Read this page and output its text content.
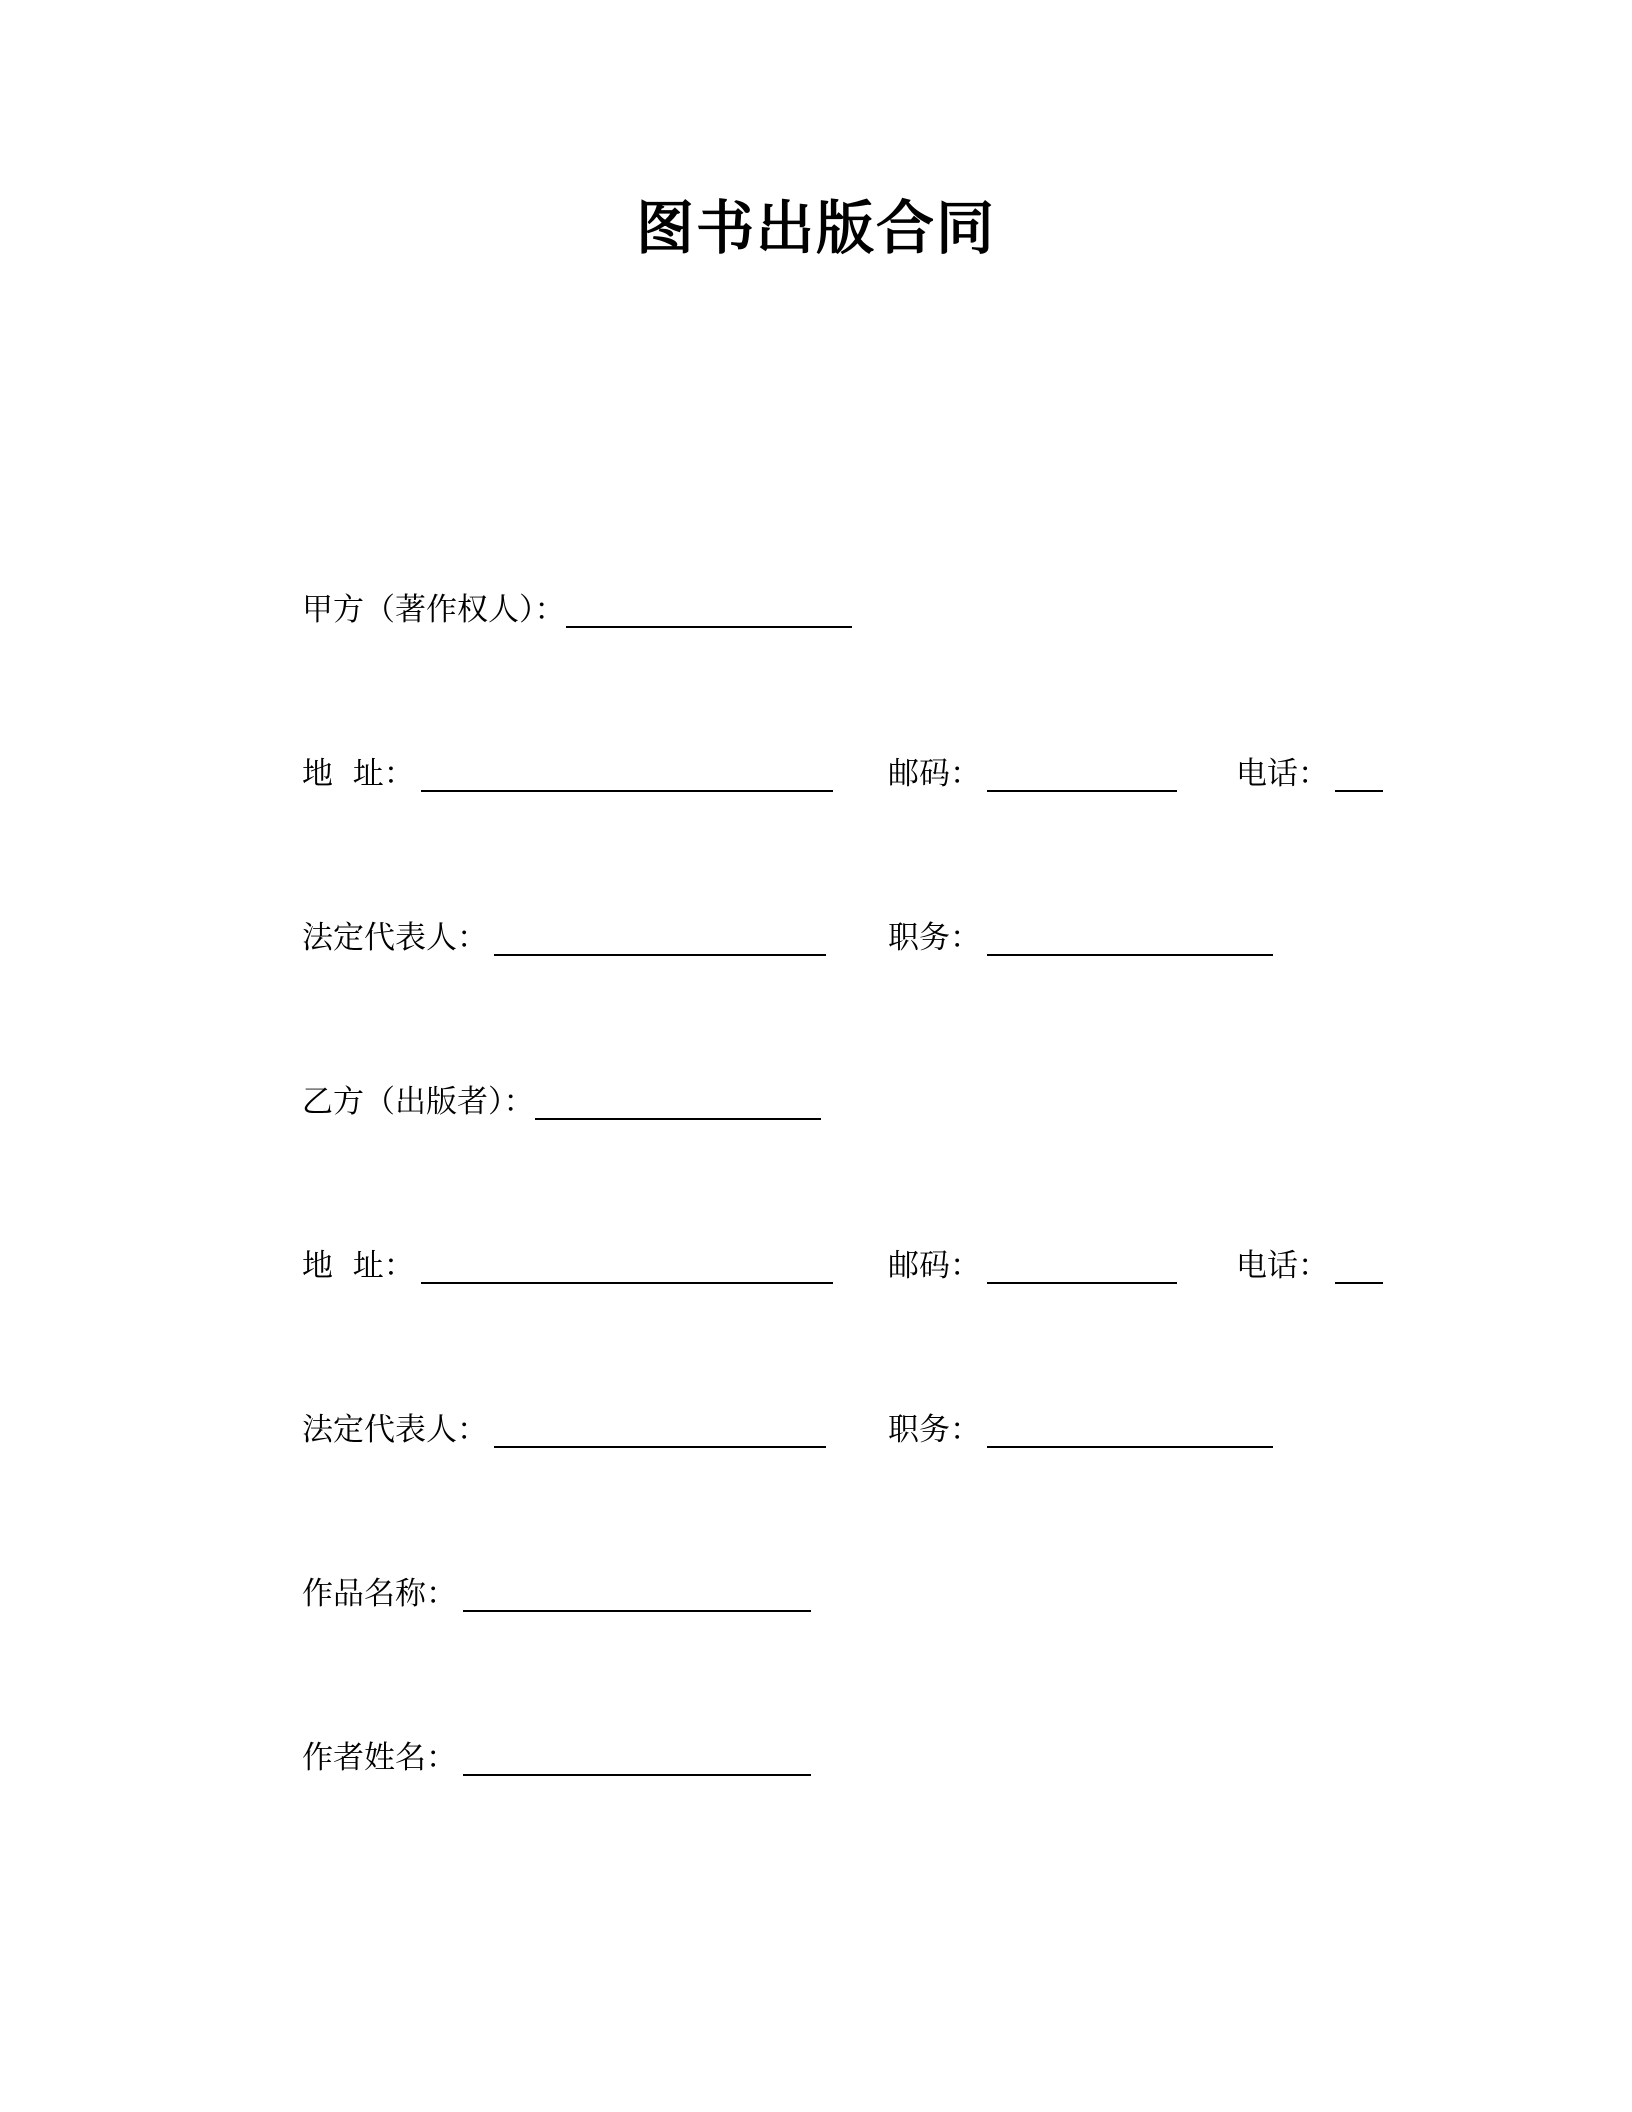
图书出版合同
甲方（著作权人）：
地  址：	邮码：	电话：
法定代表人：	职务：
乙方（出版者）：
地  址：	邮码：	电话：
法定代表人：	职务：
作品名称：
作者姓名：
